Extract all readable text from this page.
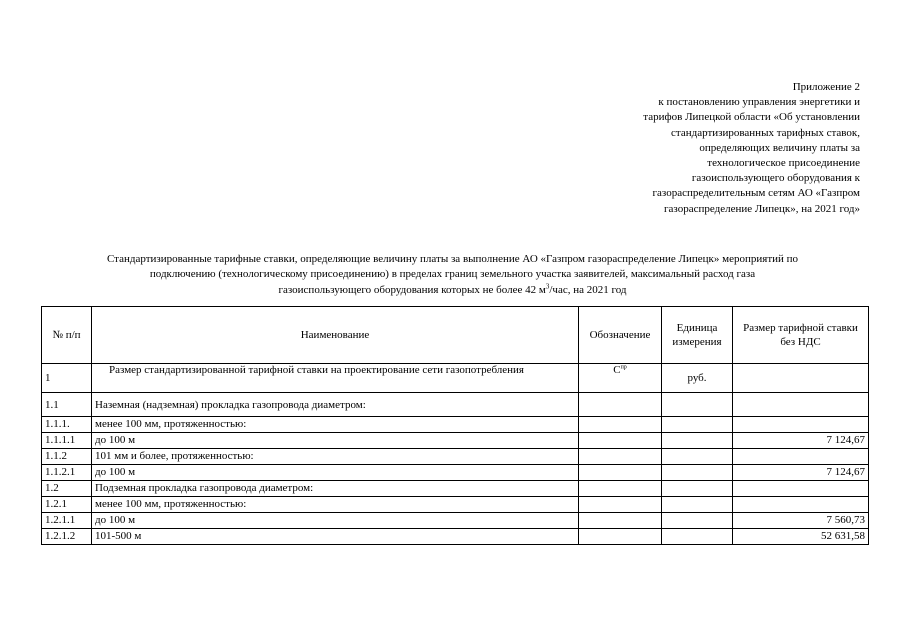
Приложение 2
к постановлению управления энергетики и
тарифов Липецкой области «Об установлении
стандартизированных тарифных ставок,
определяющих величину платы за
технологическое присоединение
газоиспользующего оборудования к
газораспределительным сетям АО «Газпром
газораспределение Липецк», на 2021 год»
Стандартизированные тарифные ставки, определяющие величину платы за выполнение АО «Газпром газораспределение Липецк» мероприятий по
подключению (технологическому присоединению) в пределах границ земельного участка заявителей, максимальный расход газа
газоиспользующего оборудования которых не более 42 $м^3$/час, на 2021 год
№ п/п	Наименование	Обозначение	Единица измерения	Размер тарифной ставки без НДС
1	Размер стандартизированной тарифной ставки на проектирование сети газопотребления	$C^{пр}$	руб.	
1.1	Наземная (надземная) прокладка газопровода диаметром:			
1.1.1.	менее 100 мм, протяженностью:			
1.1.1.1	до 100 м			7 124,67
1.1.2	101 мм и более, протяженностью:			
1.1.2.1	до 100 м			7 124,67
1.2	Подземная прокладка газопровода диаметром:			
1.2.1	менее 100 мм, протяженностью:			
1.2.1.1	до 100 м			7 560,73
1.2.1.2	101-500 м			52 631,58
